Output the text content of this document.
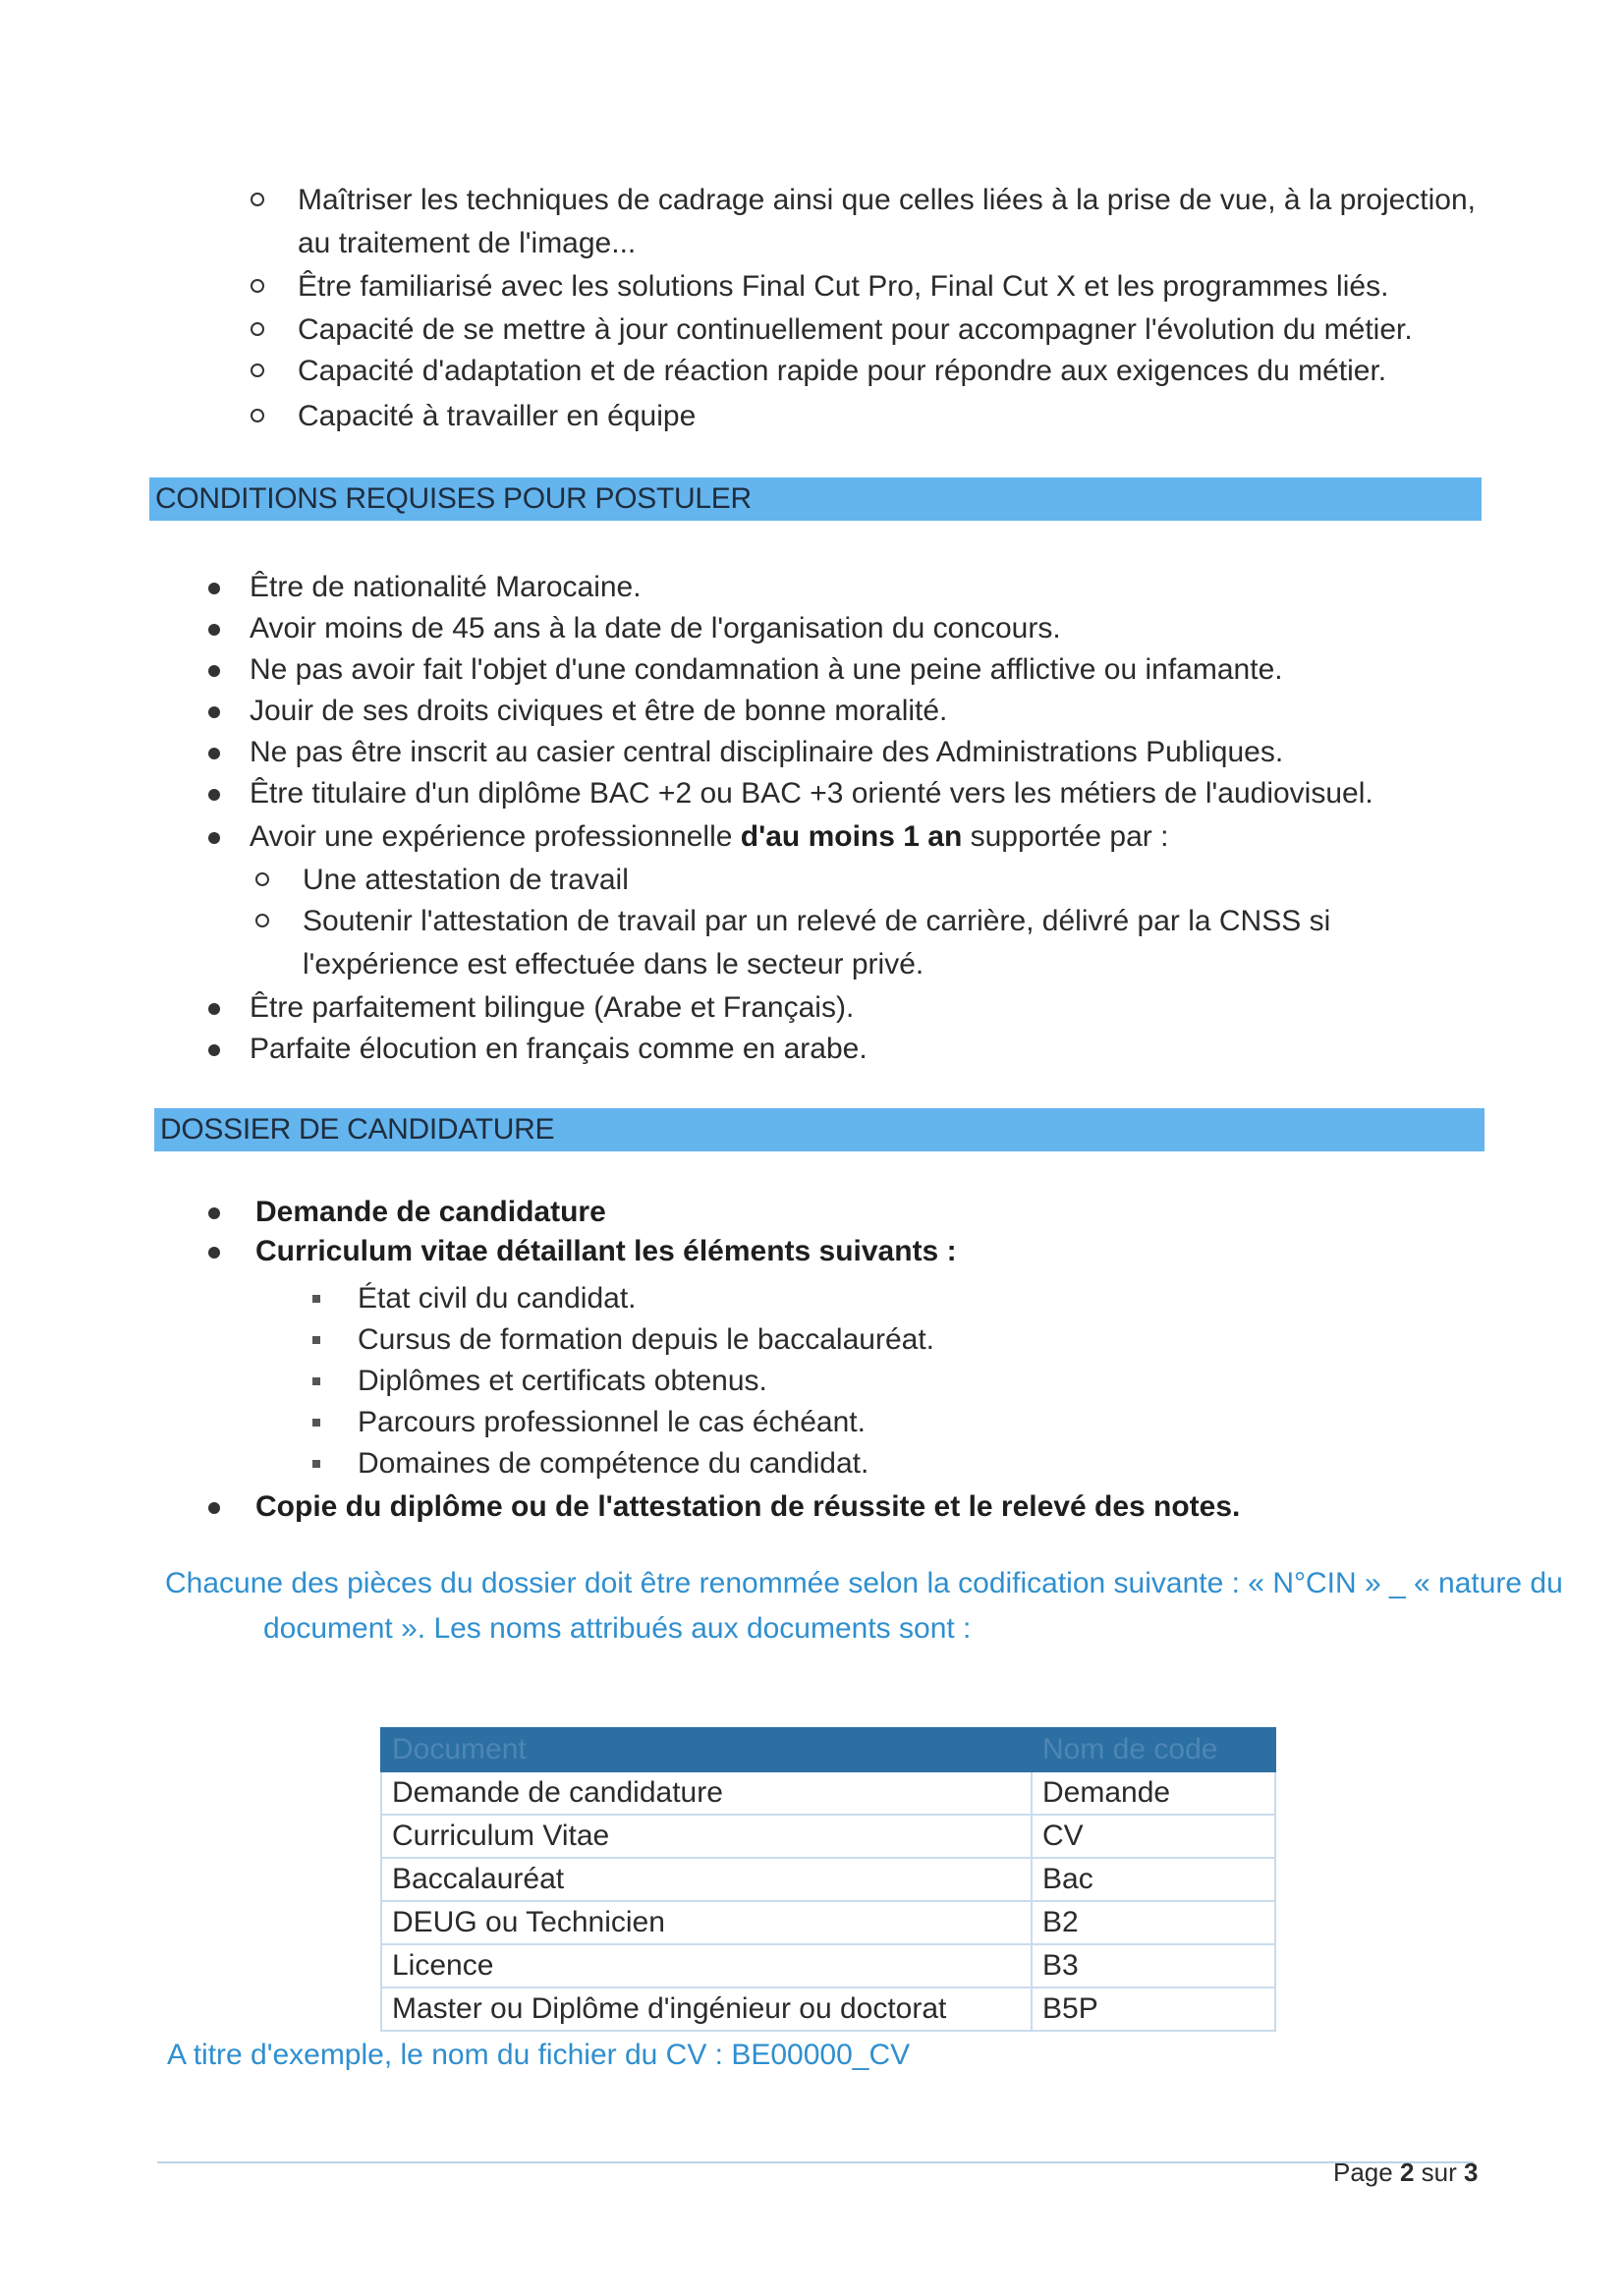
Maîtriser les techniques de cadrage ainsi que celles liées à la prise de vue, à la projection, au traitement de l'image...
Être familiarisé avec les solutions Final Cut Pro, Final Cut X et les programmes liés.
Capacité de se mettre à jour continuellement pour accompagner l'évolution du métier.
Capacité d'adaptation et de réaction rapide pour répondre aux exigences du métier.
Capacité à travailler en équipe
CONDITIONS REQUISES POUR POSTULER
Être de nationalité Marocaine.
Avoir moins de 45 ans à la date de l'organisation du concours.
Ne pas avoir fait l'objet d'une condamnation à une peine afflictive ou infamante.
Jouir de ses droits civiques et être de bonne moralité.
Ne pas être inscrit au casier central disciplinaire des Administrations Publiques.
Être titulaire d'un diplôme BAC +2 ou BAC +3 orienté vers les métiers de l'audiovisuel.
Avoir une expérience professionnelle d'au moins 1 an supportée par :
Une attestation de travail
Soutenir l'attestation de travail par un relevé de carrière, délivré par la CNSS si l'expérience est effectuée dans le secteur privé.
Être parfaitement bilingue (Arabe et Français).
Parfaite élocution en français comme en arabe.
DOSSIER DE CANDIDATURE
Demande de candidature
Curriculum vitae détaillant les éléments suivants :
État civil du candidat.
Cursus de formation depuis le baccalauréat.
Diplômes et certificats obtenus.
Parcours professionnel le cas échéant.
Domaines de compétence du candidat.
Copie du diplôme ou de l'attestation de réussite et le relevé des notes.
Chacune des pièces du dossier doit être renommée selon la codification suivante : « N°CIN » _ « nature du
document ». Les noms attribués aux documents sont :
Document	Nom de code
Demande de candidature	Demande
Curriculum Vitae	CV
Baccalauréat	Bac
DEUG ou Technicien	B2
Licence	B3
Master ou Diplôme d'ingénieur ou doctorat	B5P
A titre d'exemple, le nom du fichier du CV : BE00000_CV
Page 2 sur 3
